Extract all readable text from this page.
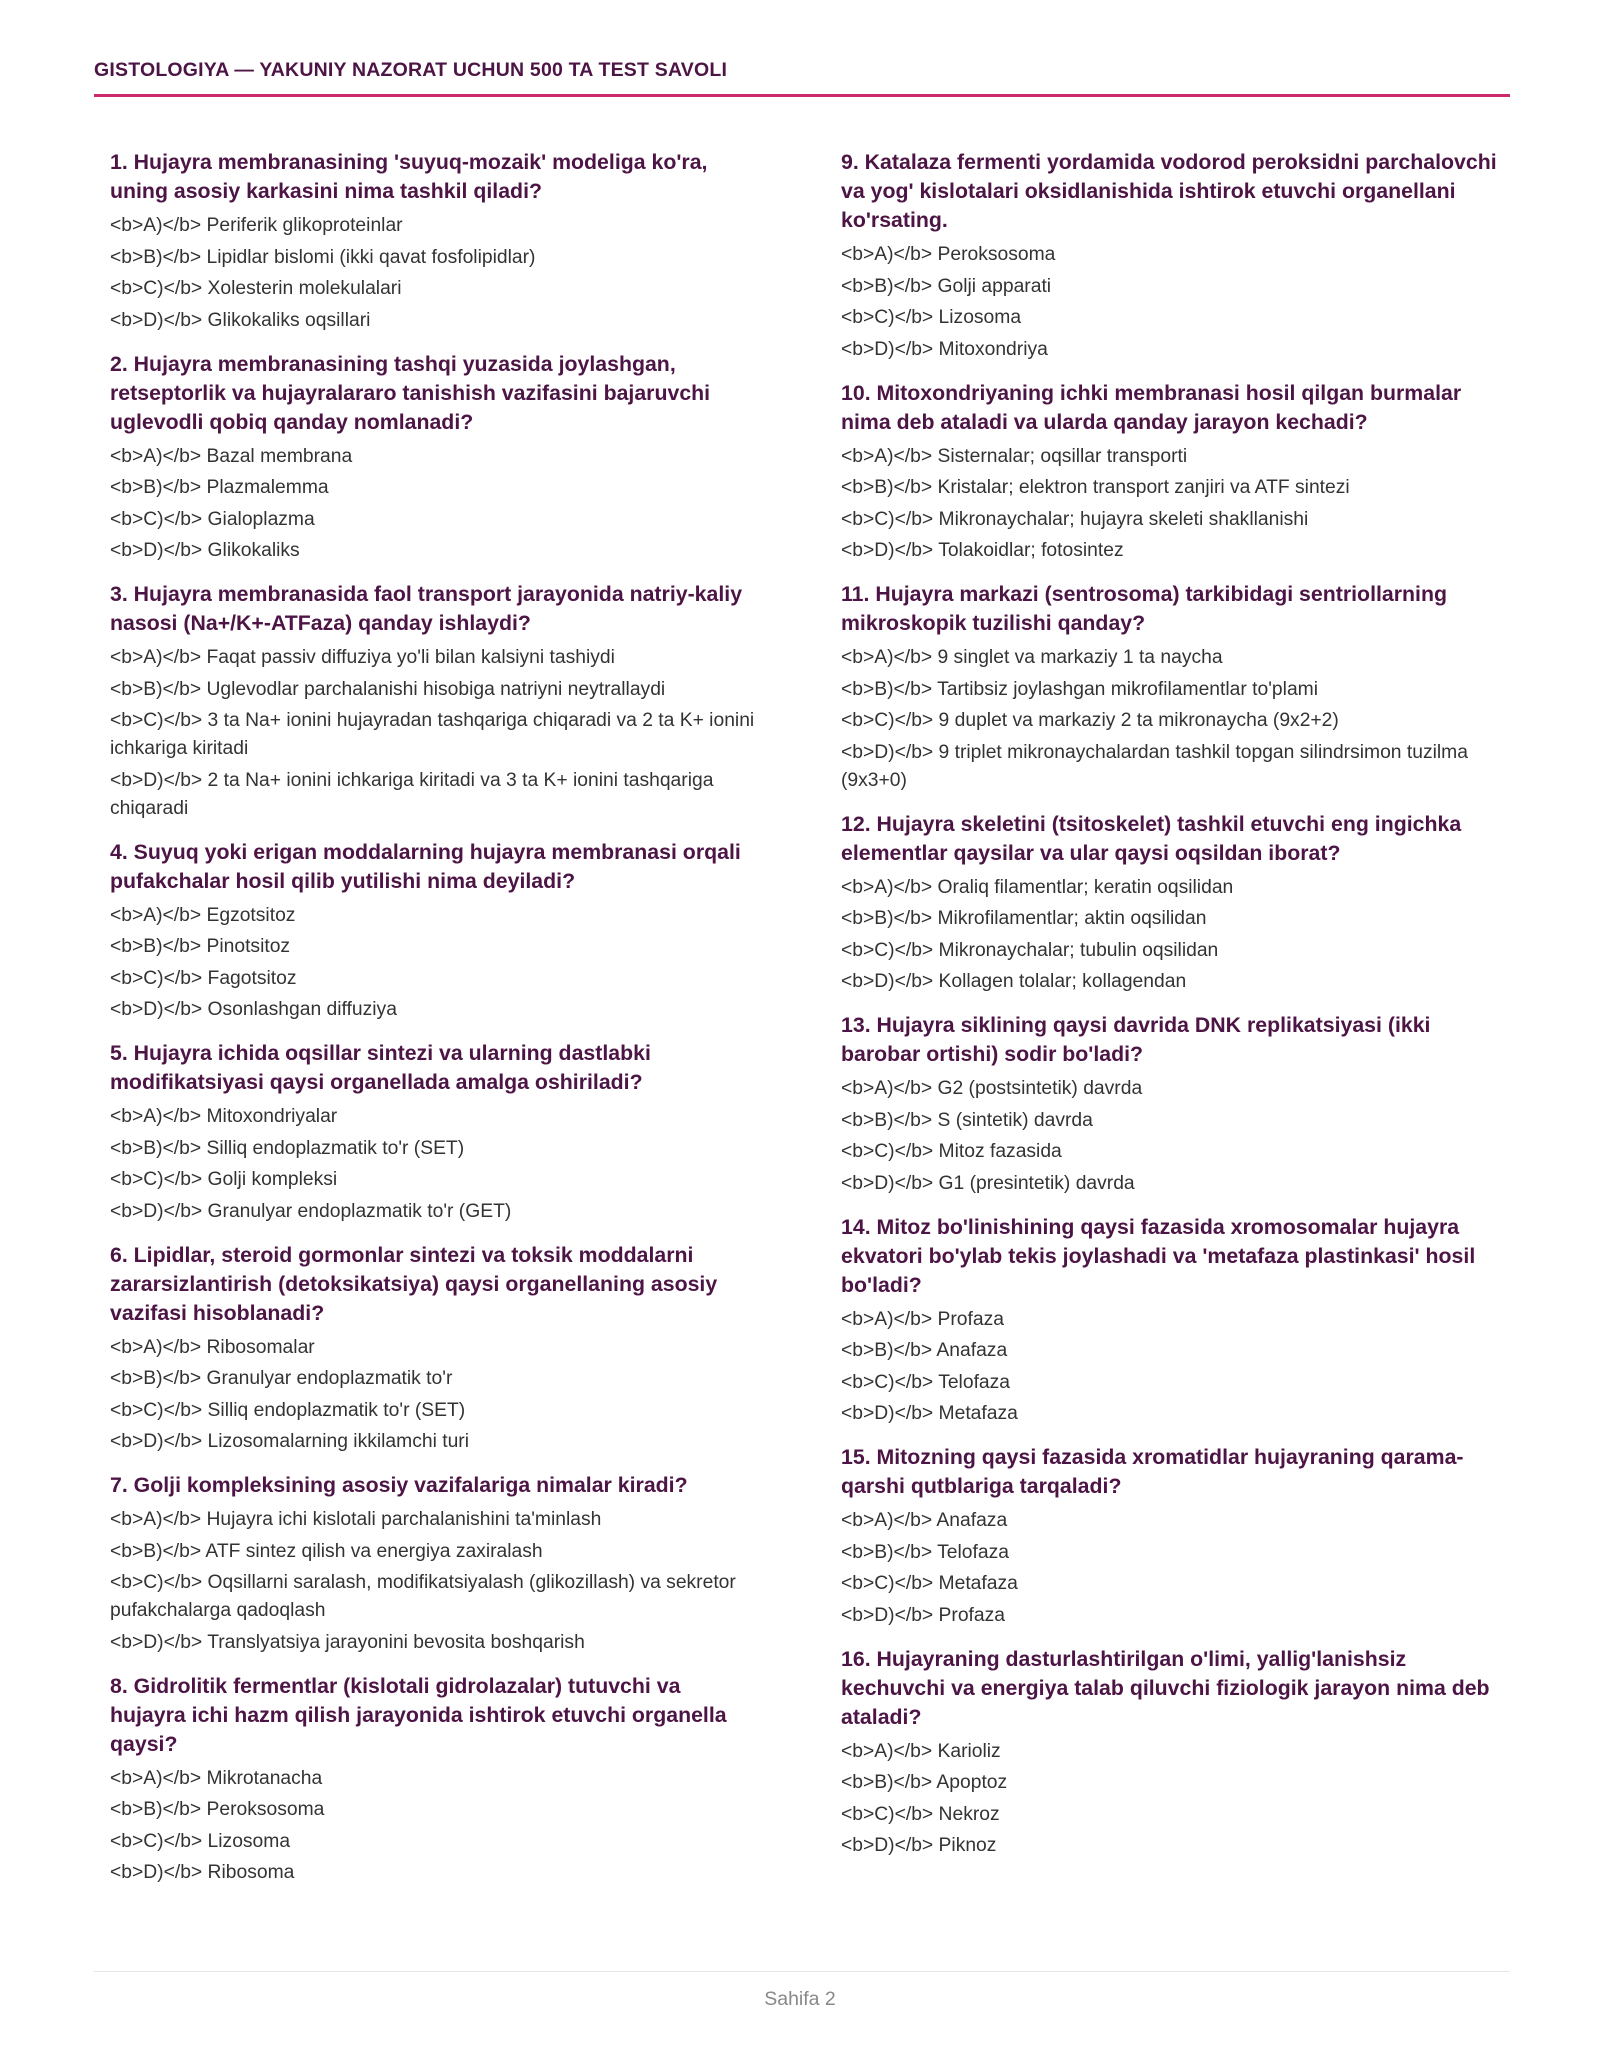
GISTOLOGIYA — YAKUNIY NAZORAT UCHUN 500 TA TEST SAVOLI
1. Hujayra membranasining 'suyuq-mozaik' modeliga ko'ra, uning asosiy karkasini nima tashkil qiladi?
<b>A)</b> Periferik glikoproteinlar
<b>B)</b> Lipidlar bislomi (ikki qavat fosfolipidlar)
<b>C)</b> Xolesterin molekulalari
<b>D)</b> Glikokaliks oqsillari
2. Hujayra membranasining tashqi yuzasida joylashgan, retseptorlik va hujayralararo tanishish vazifasini bajaruvchi uglevodli qobiq qanday nomlanadi?
<b>A)</b> Bazal membrana
<b>B)</b> Plazmalemma
<b>C)</b> Gialoplazma
<b>D)</b> Glikokaliks
3. Hujayra membranasida faol transport jarayonida natriy-kaliy nasosi (Na+/K+-ATFaza) qanday ishlaydi?
<b>A)</b> Faqat passiv diffuziya yo'li bilan kalsiyni tashiydi
<b>B)</b> Uglevodlar parchalanishi hisobiga natriyni neytrallaydi
<b>C)</b> 3 ta Na+ ionini hujayradan tashqariga chiqaradi va 2 ta K+ ionini ichkariga kiritadi
<b>D)</b> 2 ta Na+ ionini ichkariga kiritadi va 3 ta K+ ionini tashqariga chiqaradi
4. Suyuq yoki erigan moddalarning hujayra membranasi orqali pufakchalar hosil qilib yutilishi nima deyiladi?
<b>A)</b> Egzotsitoz
<b>B)</b> Pinotsitoz
<b>C)</b> Fagotsitoz
<b>D)</b> Osonlashgan diffuziya
5. Hujayra ichida oqsillar sintezi va ularning dastlabki modifikatsiyasi qaysi organellada amalga oshiriladi?
<b>A)</b> Mitoxondriyalar
<b>B)</b> Silliq endoplazmatik to'r (SET)
<b>C)</b> Golji kompleksi
<b>D)</b> Granulyar endoplazmatik to'r (GET)
6. Lipidlar, steroid gormonlar sintezi va toksik moddalarni zararsizlantirish (detoksikatsiya) qaysi organellaning asosiy vazifasi hisoblanadi?
<b>A)</b> Ribosomalar
<b>B)</b> Granulyar endoplazmatik to'r
<b>C)</b> Silliq endoplazmatik to'r (SET)
<b>D)</b> Lizosomalarning ikkilamchi turi
7. Golji kompleksining asosiy vazifalariga nimalar kiradi?
<b>A)</b> Hujayra ichi kislotali parchalanishini ta'minlash
<b>B)</b> ATF sintez qilish va energiya zaxiralash
<b>C)</b> Oqsillarni saralash, modifikatsiyalash (glikozillash) va sekretor pufakchalarga qadoqlash
<b>D)</b> Translyatsiya jarayonini bevosita boshqarish
8. Gidrolitik fermentlar (kislotali gidrolazalar) tutuvchi va hujayra ichi hazm qilish jarayonida ishtirok etuvchi organella qaysi?
<b>A)</b> Mikrotanacha
<b>B)</b> Peroksosoma
<b>C)</b> Lizosoma
<b>D)</b> Ribosoma
9. Katalaza fermenti yordamida vodorod peroksidni parchalovchi va yog' kislotalari oksidlanishida ishtirok etuvchi organellani ko'rsating.
<b>A)</b> Peroksosoma
<b>B)</b> Golji apparati
<b>C)</b> Lizosoma
<b>D)</b> Mitoxondriya
10. Mitoxondriyaning ichki membranasi hosil qilgan burmalar nima deb ataladi va ularda qanday jarayon kechadi?
<b>A)</b> Sisternalar; oqsillar transporti
<b>B)</b> Kristalar; elektron transport zanjiri va ATF sintezi
<b>C)</b> Mikronaychalar; hujayra skeleti shakllanishi
<b>D)</b> Tolakoidlar; fotosintez
11. Hujayra markazi (sentrosoma) tarkibidagi sentriollarning mikroskopik tuzilishi qanday?
<b>A)</b> 9 singlet va markaziy 1 ta naycha
<b>B)</b> Tartibsiz joylashgan mikrofilamentlar to'plami
<b>C)</b> 9 duplet va markaziy 2 ta mikronaycha (9x2+2)
<b>D)</b> 9 triplet mikronaychalardan tashkil topgan silindrsimon tuzilma (9x3+0)
12. Hujayra skeletini (tsitoskelet) tashkil etuvchi eng ingichka elementlar qaysilar va ular qaysi oqsildan iborat?
<b>A)</b> Oraliq filamentlar; keratin oqsilidan
<b>B)</b> Mikrofilamentlar; aktin oqsilidan
<b>C)</b> Mikronaychalar; tubulin oqsilidan
<b>D)</b> Kollagen tolalar; kollagendan
13. Hujayra siklining qaysi davrida DNK replikatsiyasi (ikki barobar ortishi) sodir bo'ladi?
<b>A)</b> G2 (postsintetik) davrda
<b>B)</b> S (sintetik) davrda
<b>C)</b> Mitoz fazasida
<b>D)</b> G1 (presintetik) davrda
14. Mitoz bo'linishining qaysi fazasida xromosomalar hujayra ekvatori bo'ylab tekis joylashadi va 'metafaza plastinkasi' hosil bo'ladi?
<b>A)</b> Profaza
<b>B)</b> Anafaza
<b>C)</b> Telofaza
<b>D)</b> Metafaza
15. Mitozning qaysi fazasida xromatidlar hujayraning qarama-qarshi qutblariga tarqaladi?
<b>A)</b> Anafaza
<b>B)</b> Telofaza
<b>C)</b> Metafaza
<b>D)</b> Profaza
16. Hujayraning dasturlashtirilgan o'limi, yallig'lanishsiz kechuvchi va energiya talab qiluvchi fiziologik jarayon nima deb ataladi?
<b>A)</b> Karioliz
<b>B)</b> Apoptoz
<b>C)</b> Nekroz
<b>D)</b> Piknoz
Sahifa 2
